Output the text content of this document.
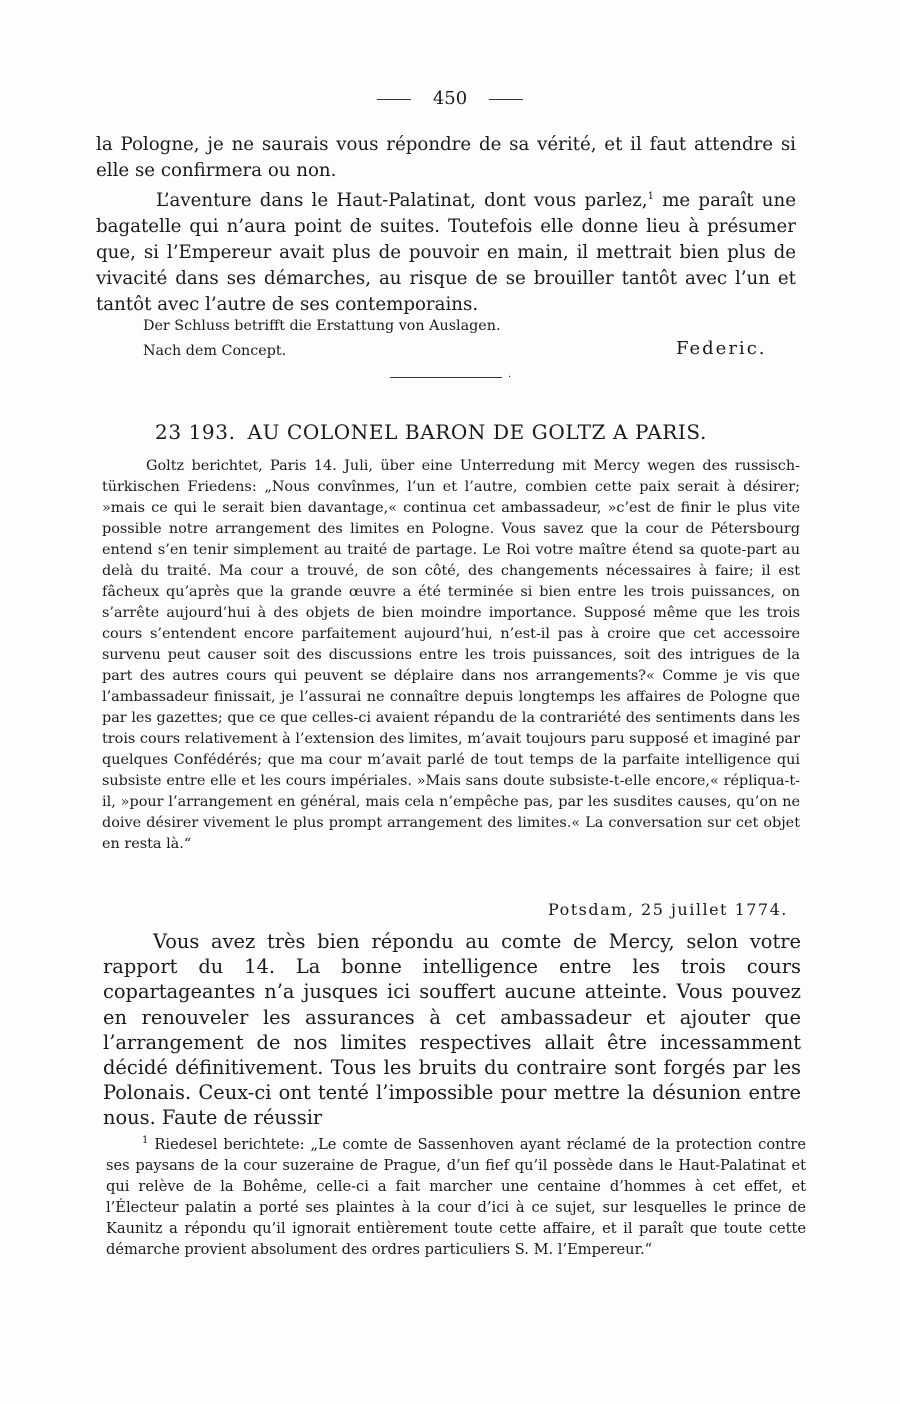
450

la Pologne, je ne saurais vous répondre de sa vérité, et il faut attendre si elle se confirmera ou non.

L’aventure dans le Haut-Palatinat, dont vous parlez,$^1$ me paraît une bagatelle qui n’aura point de suites. Toutefois elle donne lieu à présumer que, si l’Empereur avait plus de pouvoir en main, il mettrait bien plus de vivacité dans ses démarches, au risque de se brouiller tantôt avec l’un et tantôt avec l’autre de ses contemporains.

Der Schluss betrifft die Erstattung von Auslagen.
Nach dem Concept.	Federic.
·
23 193. AU COLONEL BARON DE GOLTZ A PARIS.

Goltz berichtet, Paris 14. Juli, über eine Unterredung mit Mercy wegen des russisch-türkischen Friedens: „Nous convînmes, l’un et l’autre, combien cette paix serait à désirer; »mais ce qui le serait bien davantage,« continua cet ambassadeur, »c’est de finir le plus vite possible notre arrangement des limites en Pologne. Vous savez que la cour de Pétersbourg entend s’en tenir simplement au traité de partage. Le Roi votre maître étend sa quote-part au delà du traité. Ma cour a trouvé, de son côté, des changements nécessaires à faire; il est fâcheux qu’après que la grande œuvre a été terminée si bien entre les trois puissances, on s’arrête aujourd’hui à des objets de bien moindre importance. Supposé même que les trois cours s’entendent encore parfaitement aujourd’hui, n’est-il pas à croire que cet accessoire survenu peut causer soit des discussions entre les trois puissances, soit des intrigues de la part des autres cours qui peuvent se déplaire dans nos arrangements?« Comme je vis que l’ambassadeur finissait, je l’assurai ne connaître depuis longtemps les affaires de Pologne que par les gazettes; que ce que celles-ci avaient répandu de la contrariété des sentiments dans les trois cours relativement à l’extension des limites, m’avait toujours paru supposé et imaginé par quelques Confédérés; que ma cour m’avait parlé de tout temps de la parfaite intelligence qui subsiste entre elle et les cours impériales. »Mais sans doute subsiste-t-elle encore,« répliqua-t-il, »pour l’arrangement en général, mais cela n’empêche pas, par les susdites causes, qu’on ne doive désirer vivement le plus prompt arrangement des limites.« La conversation sur cet objet en resta là.“

Potsdam, 25 juillet 1774.

Vous avez très bien répondu au comte de Mercy, selon votre rapport du 14. La bonne intelligence entre les trois cours copartageantes n’a jusques ici souffert aucune atteinte. Vous pouvez en renouveler les assurances à cet ambassadeur et ajouter que l’arrangement de nos limites respectives allait être incessamment décidé définitivement. Tous les bruits du contraire sont forgés par les Polonais. Ceux-ci ont tenté l’impossible pour mettre la désunion entre nous. Faute de réussir

$^1$ Riedesel berichtete: „Le comte de Sassenhoven ayant réclamé de la protection contre ses paysans de la cour suzeraine de Prague, d’un fief qu’il possède dans le Haut-Palatinat et qui relève de la Bohême, celle-ci a fait marcher une centaine d’hommes à cet effet, et l’Électeur palatin a porté ses plaintes à la cour d’ici à ce sujet, sur lesquelles le prince de Kaunitz a répondu qu’il ignorait entièrement toute cette affaire, et il paraît que toute cette démarche provient absolument des ordres particuliers S. M. l’Empereur.“
